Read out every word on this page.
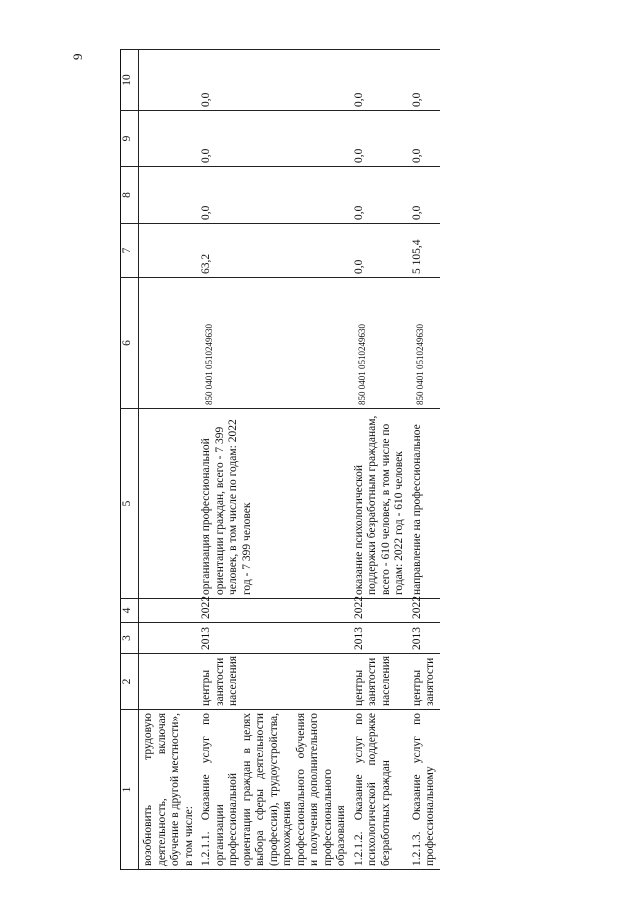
9
1	2	3	4	5	6	7	8	9	10
возобновить трудовую деятельность, включая обучение в другой местности», в том числе:									
1.2.1.1. Оказание услуг по организации профессиональной ориентации граждан в целях выбора сферы деятельности (профессии), трудоустройства, прохождения профессионального обучения и получения дополнительного профессионального образования	центры занятости населения	2013	2022	организация профессиональной ориентации граждан, всего - 7 399 человек, в том числе по годам: 2022 год - 7 399 человек	850 0401 0510249630	63,2	0,0	0,0	0,0
1.2.1.2. Оказание услуг по психологической поддержке безработных граждан	центры занятости населения	2013	2022	оказание психологической поддержки безработным гражданам, всего - 610 человек, в том числе по годам: 2022 год - 610 человек	850 0401 0510249630	0,0	0,0	0,0	0,0
1.2.1.3. Оказание услуг по профессиональному	центры занятости	2013	2022	направление на профессиональное	850 0401 0510249630	5 105,4	0,0	0,0	0,0
